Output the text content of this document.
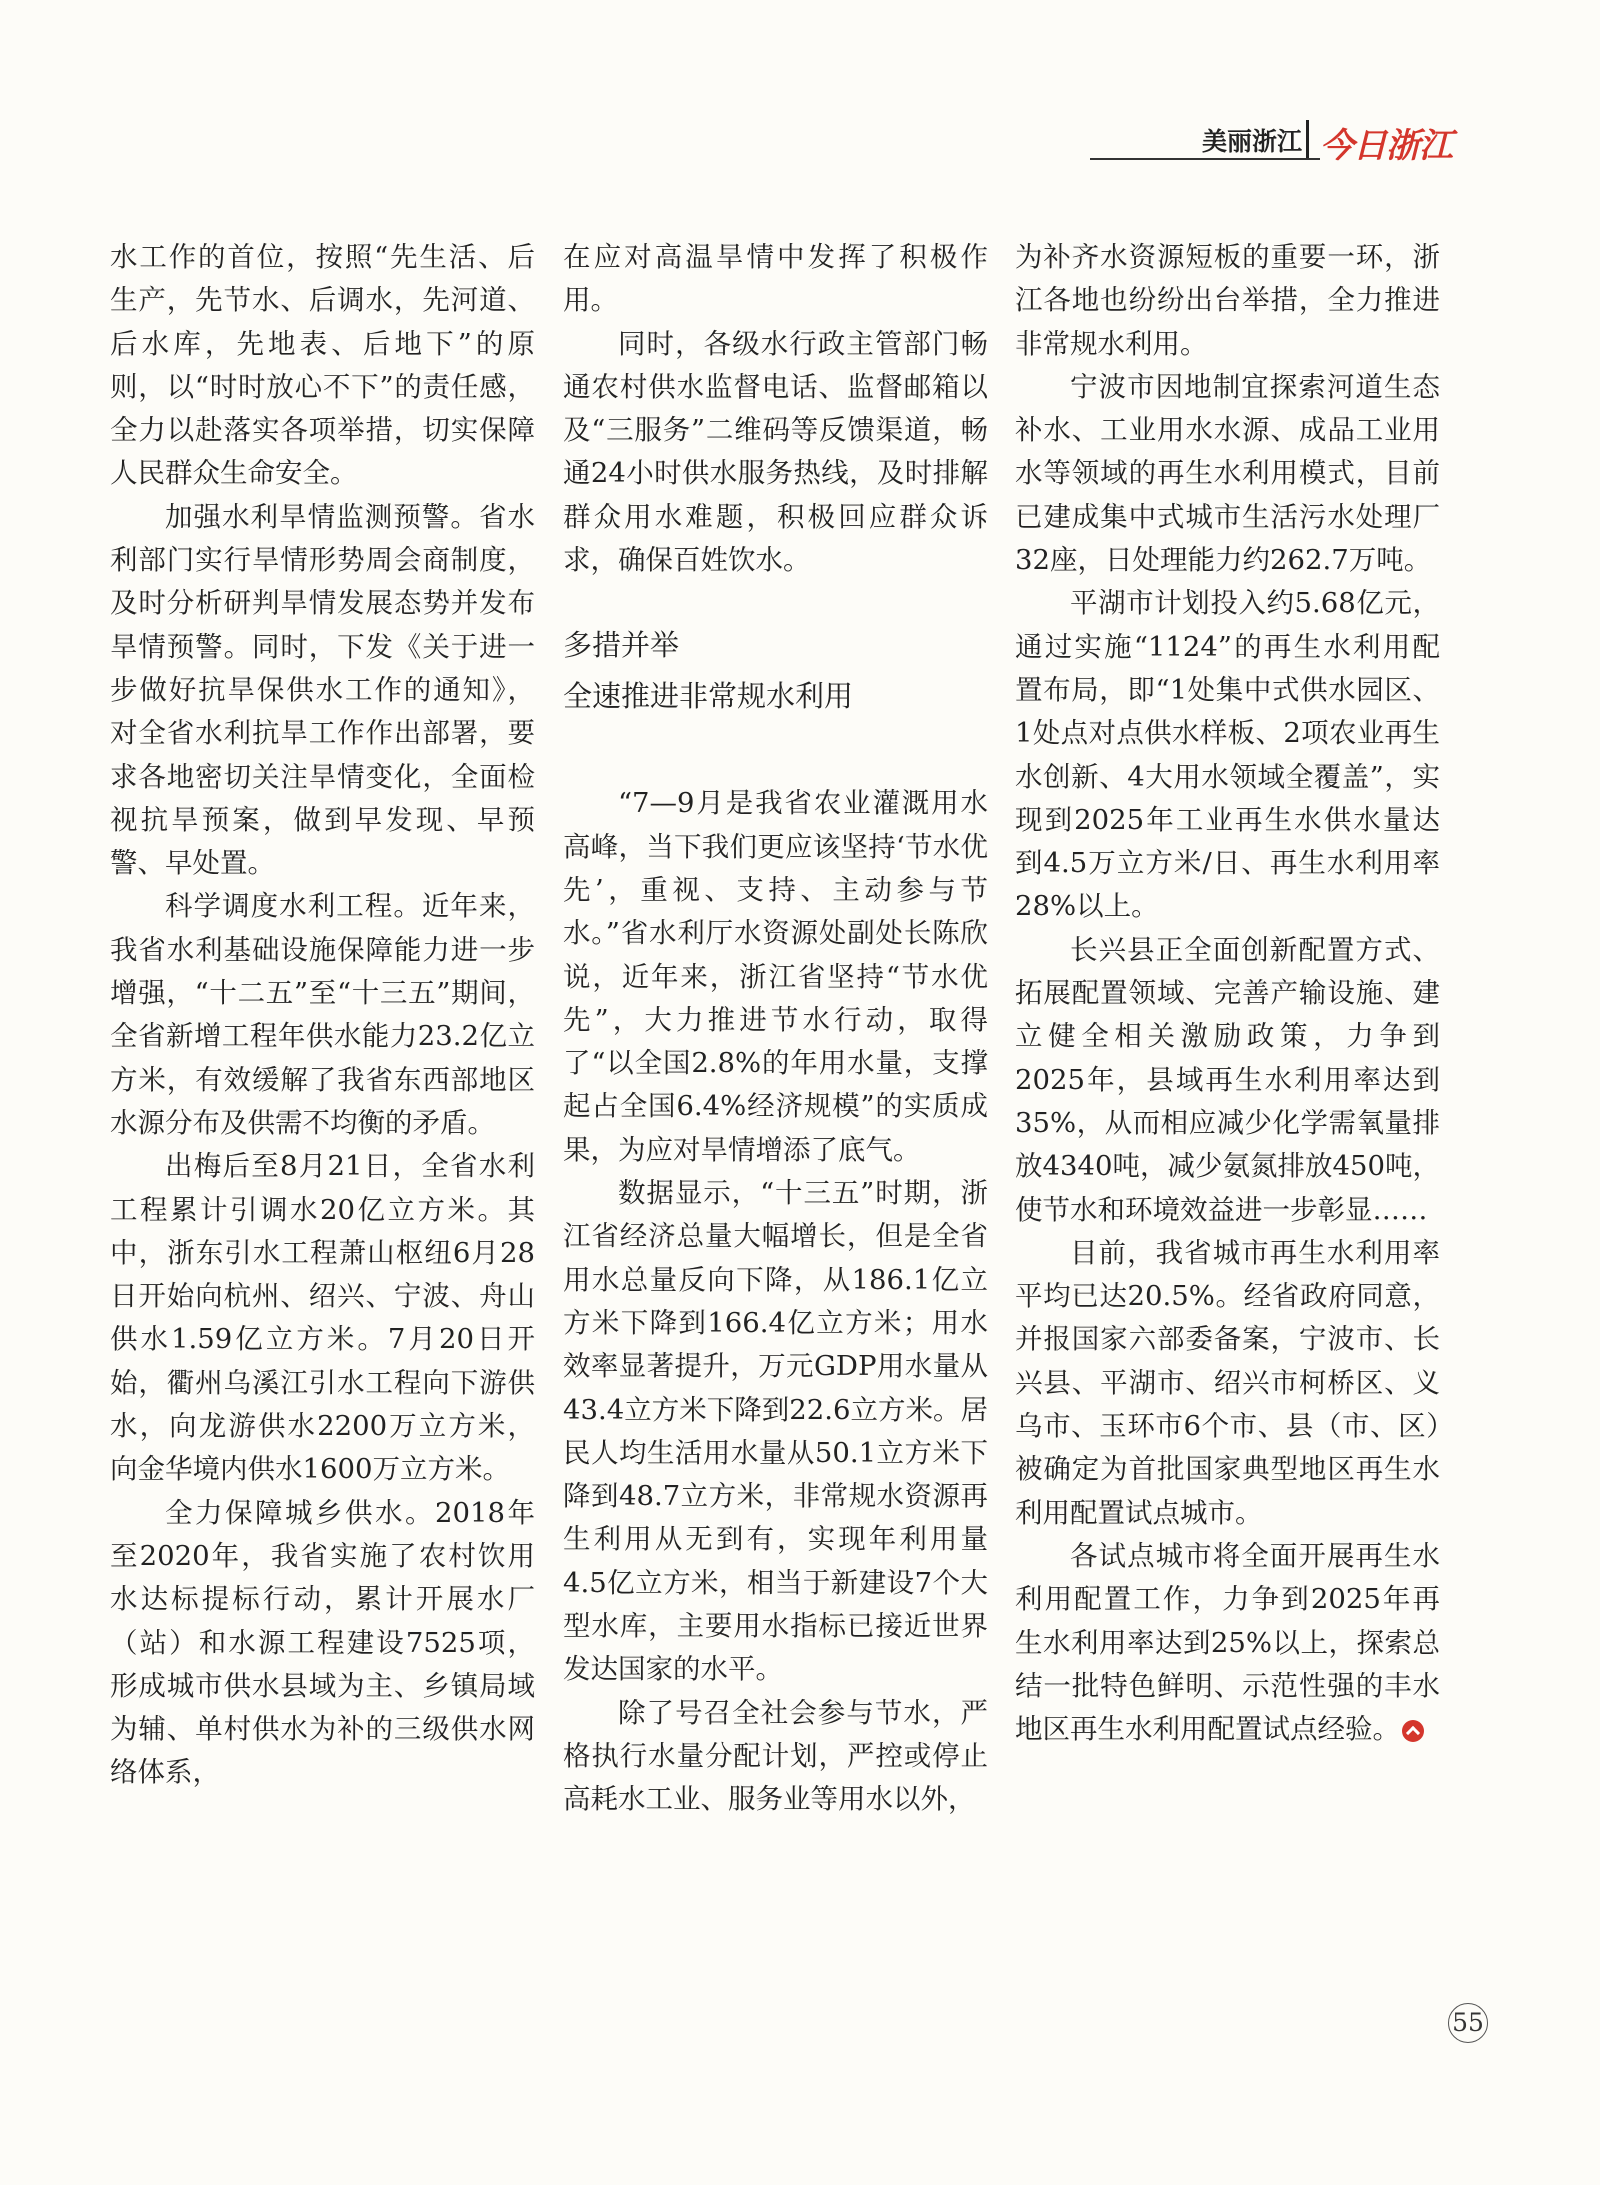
美丽浙江 今日浙江

水工作的首位，按照“先生活、后生产，先节水、后调水，先河道、后水库，先地表、后地下”的原则，以“时时放心不下”的责任感，全力以赴落实各项举措，切实保障人民群众生命安全。

加强水利旱情监测预警。省水利部门实行旱情形势周会商制度，及时分析研判旱情发展态势并发布旱情预警。同时，下发《关于进一步做好抗旱保供水工作的通知》，对全省水利抗旱工作作出部署，要求各地密切关注旱情变化，全面检视抗旱预案，做到早发现、早预警、早处置。

科学调度水利工程。近年来，我省水利基础设施保障能力进一步增强，“十二五”至“十三五”期间，全省新增工程年供水能力23.2亿立方米，有效缓解了我省东西部地区水源分布及供需不均衡的矛盾。

出梅后至8月21日，全省水利工程累计引调水20亿立方米。其中，浙东引水工程萧山枢纽6月28日开始向杭州、绍兴、宁波、舟山供水1.59亿立方米。7月20日开始，衢州乌溪江引水工程向下游供水，向龙游供水2200万立方米，向金华境内供水1600万立方米。

全力保障城乡供水。2018年至2020年，我省实施了农村饮用水达标提标行动，累计开展水厂（站）和水源工程建设7525项，形成城市供水县域为主、乡镇局域为辅、单村供水为补的三级供水网络体系，

在应对高温旱情中发挥了积极作用。

同时，各级水行政主管部门畅通农村供水监督电话、监督邮箱以及“三服务”二维码等反馈渠道，畅通24小时供水服务热线，及时排解群众用水难题，积极回应群众诉求，确保百姓饮水。

多措并举
全速推进非常规水利用

“7—9月是我省农业灌溉用水高峰，当下我们更应该坚持‘节水优先’，重视、支持、主动参与节水。”省水利厅水资源处副处长陈欣说，近年来，浙江省坚持“节水优先”，大力推进节水行动，取得了“以全国2.8%的年用水量，支撑起占全国6.4%经济规模”的实质成果，为应对旱情增添了底气。

数据显示，“十三五”时期，浙江省经济总量大幅增长，但是全省用水总量反向下降，从186.1亿立方米下降到166.4亿立方米；用水效率显著提升，万元GDP用水量从43.4立方米下降到22.6立方米。居民人均生活用水量从50.1立方米下降到48.7立方米，非常规水资源再生利用从无到有，实现年利用量4.5亿立方米，相当于新建设7个大型水库，主要用水指标已接近世界发达国家的水平。

除了号召全社会参与节水，严格执行水量分配计划，严控或停止高耗水工业、服务业等用水以外，

为补齐水资源短板的重要一环，浙江各地也纷纷出台举措，全力推进非常规水利用。

宁波市因地制宜探索河道生态补水、工业用水水源、成品工业用水等领域的再生水利用模式，目前已建成集中式城市生活污水处理厂32座，日处理能力约262.7万吨。

平湖市计划投入约5.68亿元，通过实施“1124”的再生水利用配置布局，即“1处集中式供水园区、1处点对点供水样板、2项农业再生水创新、4大用水领域全覆盖”，实现到2025年工业再生水供水量达到4.5万立方米/日、再生水利用率28%以上。

长兴县正全面创新配置方式、拓展配置领域、完善产输设施、建立健全相关激励政策，力争到2025年，县域再生水利用率达到35%，从而相应减少化学需氧量排放4340吨，减少氨氮排放450吨，使节水和环境效益进一步彰显……

目前，我省城市再生水利用率平均已达20.5%。经省政府同意，并报国家六部委备案，宁波市、长兴县、平湖市、绍兴市柯桥区、义乌市、玉环市6个市、县（市、区）被确定为首批国家典型地区再生水利用配置试点城市。

各试点城市将全面开展再生水利用配置工作，力争到2025年再生水利用率达到25%以上，探索总结一批特色鲜明、示范性强的丰水地区再生水利用配置试点经验。

55
